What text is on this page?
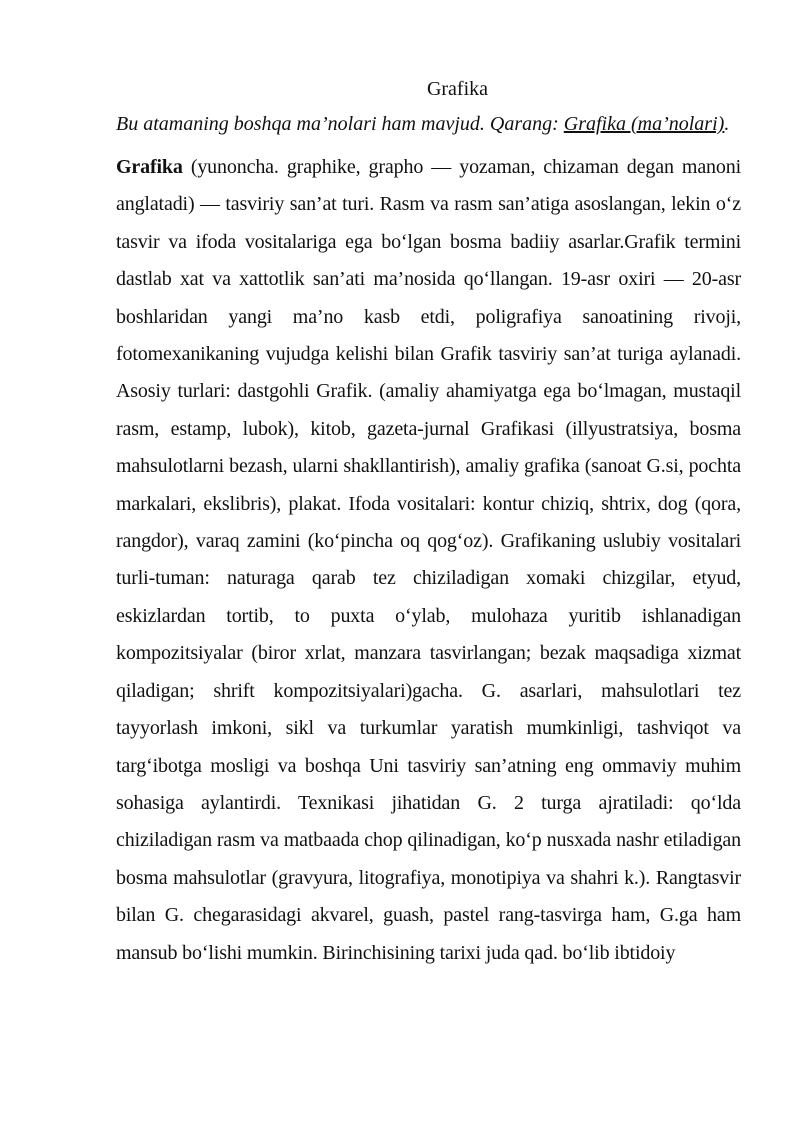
Grafika

Bu atamaning boshqa ma’nolari ham mavjud. Qarang: Grafika (ma’nolari).

Grafika (yunoncha. graphike, grapho — yozaman, chizaman degan manoni anglatadi) — tasviriy san’at turi. Rasm va rasm san’atiga asoslangan, lekin o‘z tasvir va ifoda vositalariga ega bo‘lgan bosma badiiy asarlar.Grafik termini dastlab xat va xattotlik san’ati ma’nosida qo‘llangan. 19-asr oxiri — 20-asr boshlaridan yangi ma’no kasb etdi, poligrafiya sanoatining rivoji, fotomexanikaning vujudga kelishi bilan Grafik tasviriy san’at turiga aylanadi. Asosiy turlari: dastgohli Grafik. (amaliy ahamiyatga ega bo‘lmagan, mustaqil rasm, estamp, lubok), kitob, gazeta-jurnal Grafikasi (illyustratsiya, bosma mahsulotlarni bezash, ularni shakllantirish), amaliy grafika (sanoat G.si, pochta markalari, ekslibris), plakat. Ifoda vositalari: kontur chiziq, shtrix, dog (qora, rangdor), varaq zamini (ko‘pincha oq qog‘oz). Grafikaning uslubiy vositalari turli-tuman: naturaga qarab tez chiziladigan xomaki chizgilar, etyud, eskizlardan tortib, to puxta o‘ylab, mulohaza yuritib ishlanadigan kompozitsiyalar (biror xrlat, manzara tasvirlangan; bezak maqsadiga xizmat qiladigan; shrift kompozitsiyalari)gacha. G. asarlari, mahsulotlari tez tayyorlash imkoni, sikl va turkumlar yaratish mumkinligi, tashviqot va targ‘ibotga mosligi va boshqa Uni tasviriy san’atning eng ommaviy muhim sohasiga aylantirdi. Texnikasi jihatidan G. 2 turga ajratiladi: qo‘lda chiziladigan rasm va matbaada chop qilinadigan, ko‘p nusxada nashr etiladigan bosma mahsulotlar (gravyura, litografiya, monotipiya va shahri k.). Rangtasvir bilan G. chegarasidagi akvarel, guash, pastel rang-tasvirga ham, G.ga ham mansub bo‘lishi mumkin. Birinchisining tarixi juda qad. bo‘lib ibtidoiy
